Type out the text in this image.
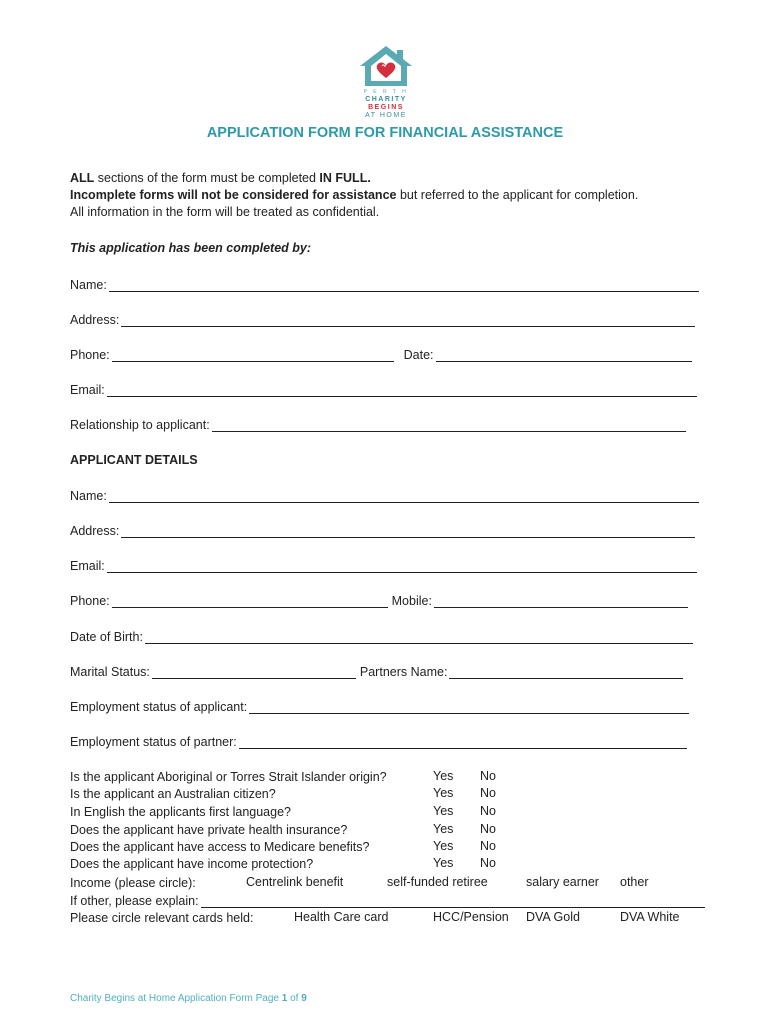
P E R T H
CHARITY
BEGINS
AT HOME
APPLICATION FORM FOR FINANCIAL ASSISTANCE
ALL sections of the form must be completed IN FULL.
Incomplete forms will not be considered for assistance but referred to the applicant for completion.
All information in the form will be treated as confidential.
This application has been completed by:
Name:
Address:
Phone:	Date:
Email:
Relationship to applicant:
APPLICANT DETAILS
Name:
Address:
Email:
Phone:	Mobile:
Date of Birth:
Marital Status:	Partners Name:
Employment status of applicant:
Employment status of partner:
Is the applicant Aboriginal or Torres Strait Islander origin?	Yes No
Is the applicant an Australian citizen?	Yes No
In English the applicants first language?	Yes No
Does the applicant have private health insurance?	Yes No
Does the applicant have access to Medicare benefits?	Yes No
Does the applicant have income protection?	Yes No
Income (please circle):	Centrelink benefit	self-funded retiree	salary earner other
If other, please explain:
Please circle relevant cards held:	Health Care card	HCC/Pension DVA Gold	DVA White
Charity Begins at Home Application Form Page 1 of 9
